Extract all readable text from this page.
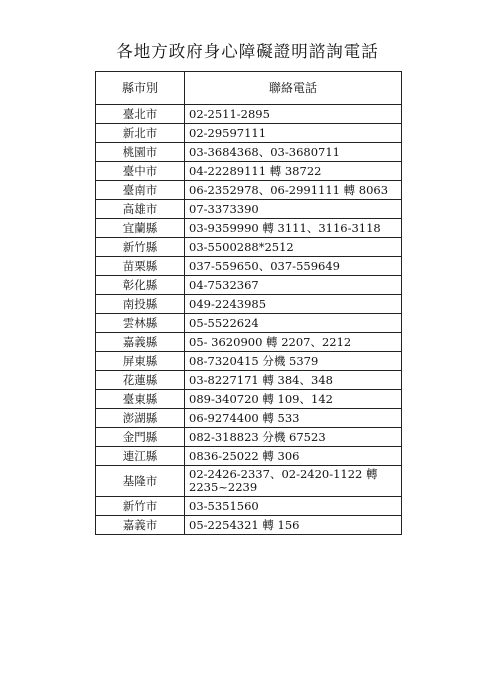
各地方政府身心障礙證明諮詢電話
縣市別	聯絡電話
臺北市	02-2511-2895
新北市	02-29597111
桃園市	03-3684368、03-3680711
臺中市	04-22289111 轉 38722
臺南市	06-2352978、06-2991111 轉 8063
高雄市	07-3373390
宜蘭縣	03-9359990 轉 3111、3116-3118
新竹縣	03-5500288*2512
苗栗縣	037-559650、037-559649
彰化縣	04-7532367
南投縣	049-2243985
雲林縣	05-5522624
嘉義縣	05- 3620900 轉 2207、2212
屏東縣	08-7320415 分機 5379
花蓮縣	03-8227171 轉 384、348
臺東縣	089-340720 轉 109、142
澎湖縣	06-9274400 轉 533
金門縣	082-318823 分機 67523
連江縣	0836-25022 轉 306
基隆市	02-2426-2337、02-2420-1122 轉 2235~2239
新竹市	03-5351560
嘉義市	05-2254321 轉 156
